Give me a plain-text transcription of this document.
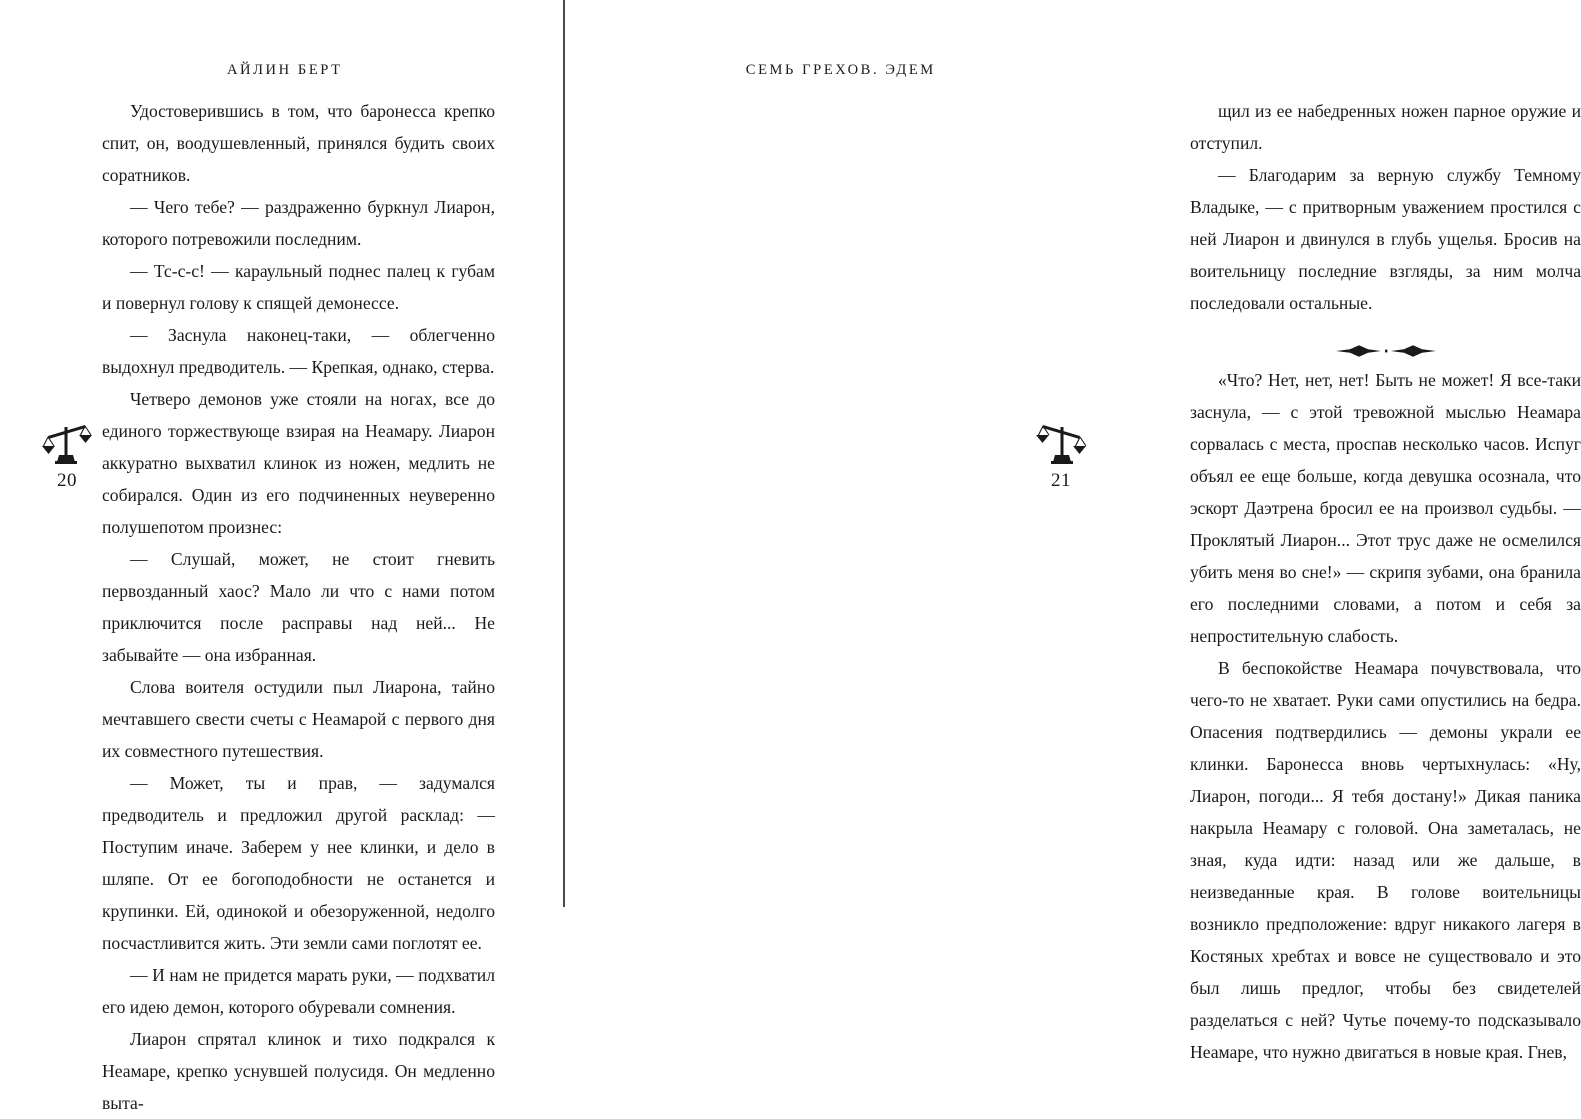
АЙЛИН БЕРТ

Удостоверившись в том, что баронесса крепко спит, он, воодушевленный, принялся будить своих соратников.

— Чего тебе? — раздраженно буркнул Лиарон, которого потревожили последним.

— Тс-с-с! — караульный поднес палец к губам и повернул голову к спящей демонессе.

— Заснула наконец-таки, — облегченно выдохнул предводитель. — Крепкая, однако, стерва.

Четверо демонов уже стояли на ногах, все до единого торжествующе взирая на Неамару. Лиарон аккуратно выхватил клинок из ножен, медлить не собирался. Один из его подчиненных неуверенно полушепотом произнес:

— Слушай, может, не стоит гневить первозданный хаос? Мало ли что с нами потом приключится после расправы над ней... Не забывайте — она избранная.

Слова воителя остудили пыл Лиарона, тайно мечтавшего свести счеты с Неамарой с первого дня их совместного путешествия.

— Может, ты и прав, — задумался предводитель и предложил другой расклад: — Поступим иначе. Заберем у нее клинки, и дело в шляпе. От ее богоподобности не останется и крупинки. Ей, одинокой и обезоруженной, недолго посчастливится жить. Эти земли сами поглотят ее.

— И нам не придется марать руки, — подхватил его идею демон, которого обуревали сомнения.

Лиарон спрятал клинок и тихо подкрался к Неамаре, крепко уснувшей полусидя. Он медленно выта-

20
СЕМЬ ГРЕХОВ. ЭДЕМ

щил из ее набедренных ножен парное оружие и отступил.

— Благодарим за верную службу Темному Владыке, — с притворным уважением простился с ней Лиарон и двинулся в глубь ущелья. Бросив на воительницу последние взгляды, за ним молча последовали остальные.

«Что? Нет, нет, нет! Быть не может! Я все-таки заснула, — с этой тревожной мыслью Неамара сорвалась с места, проспав несколько часов. Испуг объял ее еще больше, когда девушка осознала, что эскорт Даэтрена бросил ее на произвол судьбы. — Проклятый Лиарон... Этот трус даже не осмелился убить меня во сне!» — скрипя зубами, она бранила его последними словами, а потом и себя за непростительную слабость.

В беспокойстве Неамара почувствовала, что чего-то не хватает. Руки сами опустились на бедра. Опасения подтвердились — демоны украли ее клинки. Баронесса вновь чертыхнулась: «Ну, Лиарон, погоди... Я тебя достану!» Дикая паника накрыла Неамару с головой. Она заметалась, не зная, куда идти: назад или же дальше, в неизведанные края. В голове воительницы возникло предположение: вдруг никакого лагеря в Костяных хребтах и вовсе не существовало и это был лишь предлог, чтобы без свидетелей разделаться с ней? Чутье почему-то подсказывало Неамаре, что нужно двигаться в новые края. Гнев,

21
